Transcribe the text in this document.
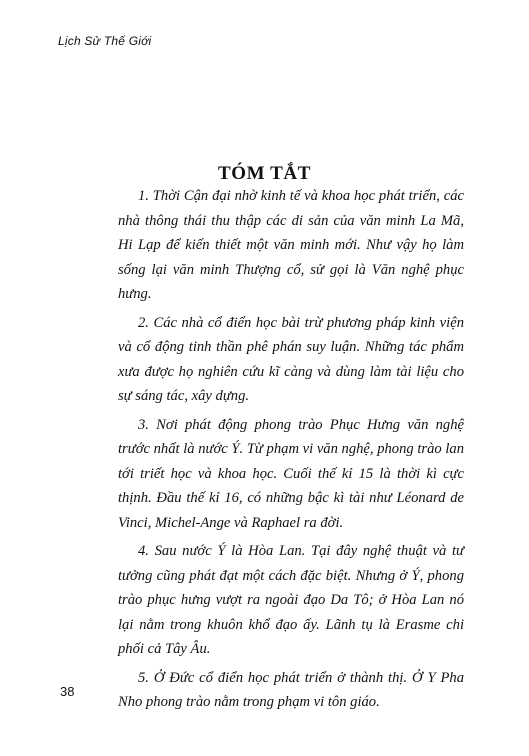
Lịch Sử Thế Giới
TÓM TẮT

1. Thời Cận đại nhờ kinh tế và khoa học phát triển, các nhà thông thái thu thập các di sản của văn minh La Mã, Hi Lạp để kiến thiết một văn minh mới. Như vậy họ làm sống lại văn minh Thượng cổ, sử gọi là Văn nghệ phục hưng.

2. Các nhà cổ điển học bài trừ phương pháp kinh viện và cổ động tinh thần phê phán suy luận. Những tác phẩm xưa được họ nghiên cứu kĩ càng và dùng làm tài liệu cho sự sáng tác, xây dựng.

3. Nơi phát động phong trào Phục Hưng văn nghệ trước nhất là nước Ý. Từ phạm vi văn nghệ, phong trào lan tới triết học và khoa học. Cuối thế kỉ 15 là thời kì cực thịnh. Đầu thế kỉ 16, có những bậc kì tài như Léonard de Vinci, Michel-Ange và Raphael ra đời.

4. Sau nước Ý là Hòa Lan. Tại đây nghệ thuật và tư tưởng cũng phát đạt một cách đặc biệt. Nhưng ở Ý, phong trào phục hưng vượt ra ngoài đạo Da Tô; ở Hòa Lan nó lại nằm trong khuôn khổ đạo ấy. Lãnh tụ là Erasme chi phối cả Tây Âu.

5. Ở Đức cổ điển học phát triển ở thành thị. Ở Y Pha Nho phong trào nằm trong phạm vi tôn giáo.

38
